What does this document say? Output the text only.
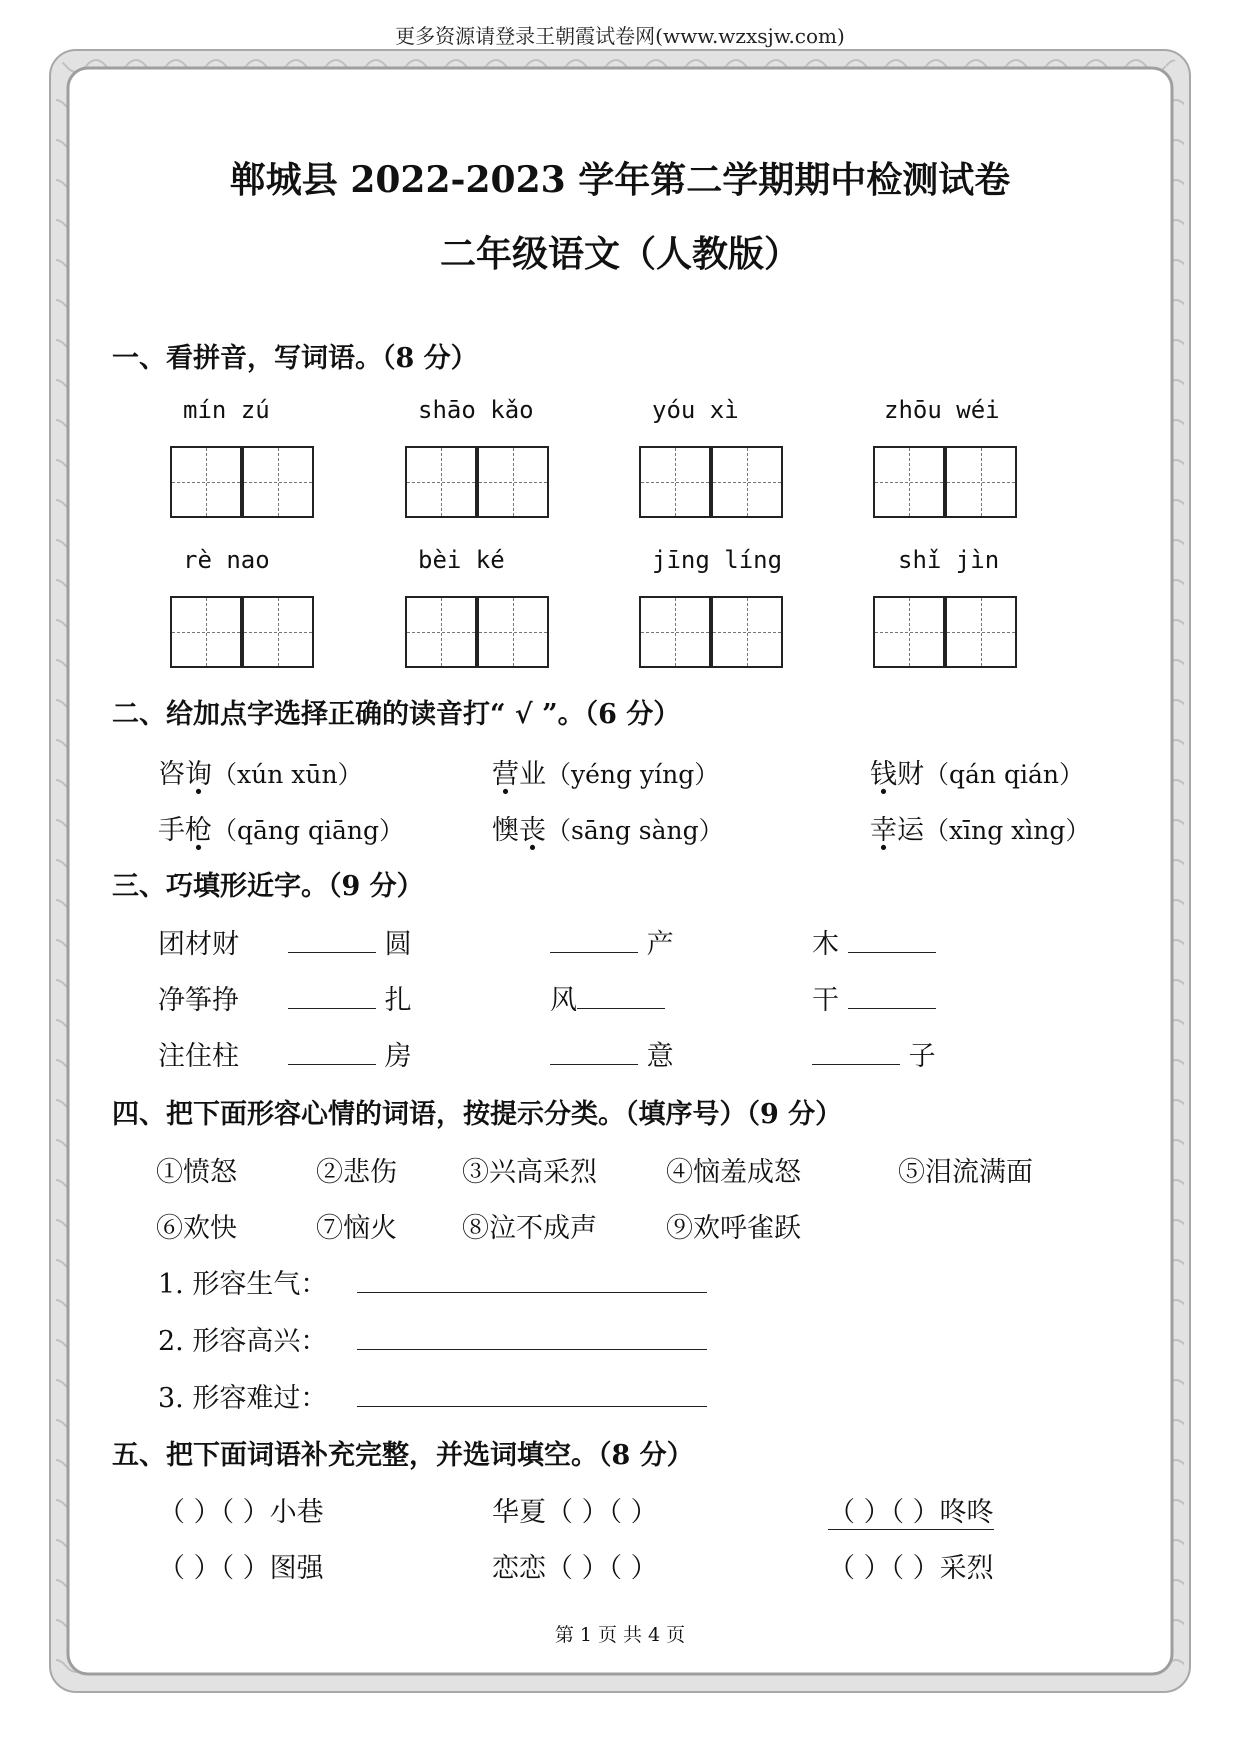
更多资源请登录王朝霞试卷网(www.wzxsjw.com)
郸城县 2022-2023 学年第二学期期中检测试卷
二年级语文（人教版）
一、看拼音，写词语。（8 分）
mín zú	shāo kǎo	yóu xì	zhōu wéi
rè nao	bèi ké	jīng líng	shǐ jìn
二、给加点字选择正确的读音打“ √ ”。（6 分）
咨询（xún xūn）	营业（yéng yíng）	钱财（qán qián）
手枪（qāng qiāng）	懊丧（sāng sàng）	幸运（xīng xìng）
三、巧填形近字。（9 分）
团材财	圆	产	木
净筝挣	扎	风	干
注住柱	房	意	子
四、把下面形容心情的词语，按提示分类。（填序号）（9 分）
①愤怒	②悲伤 ③兴高采烈	④恼羞成怒	⑤泪流满面
⑥欢快	⑦恼火 ⑧泣不成声	⑨欢呼雀跃
1. 形容生气：
2. 形容高兴：
3. 形容难过：
五、把下面词语补充完整，并选词填空。（8 分）
（ ）（ ）小巷	华夏（ ）（ ）	（ ）（ ）咚咚
（ ）（ ）图强	恋恋（ ）（ ）	（ ）（ ）采烈
第 1 页 共 4 页
